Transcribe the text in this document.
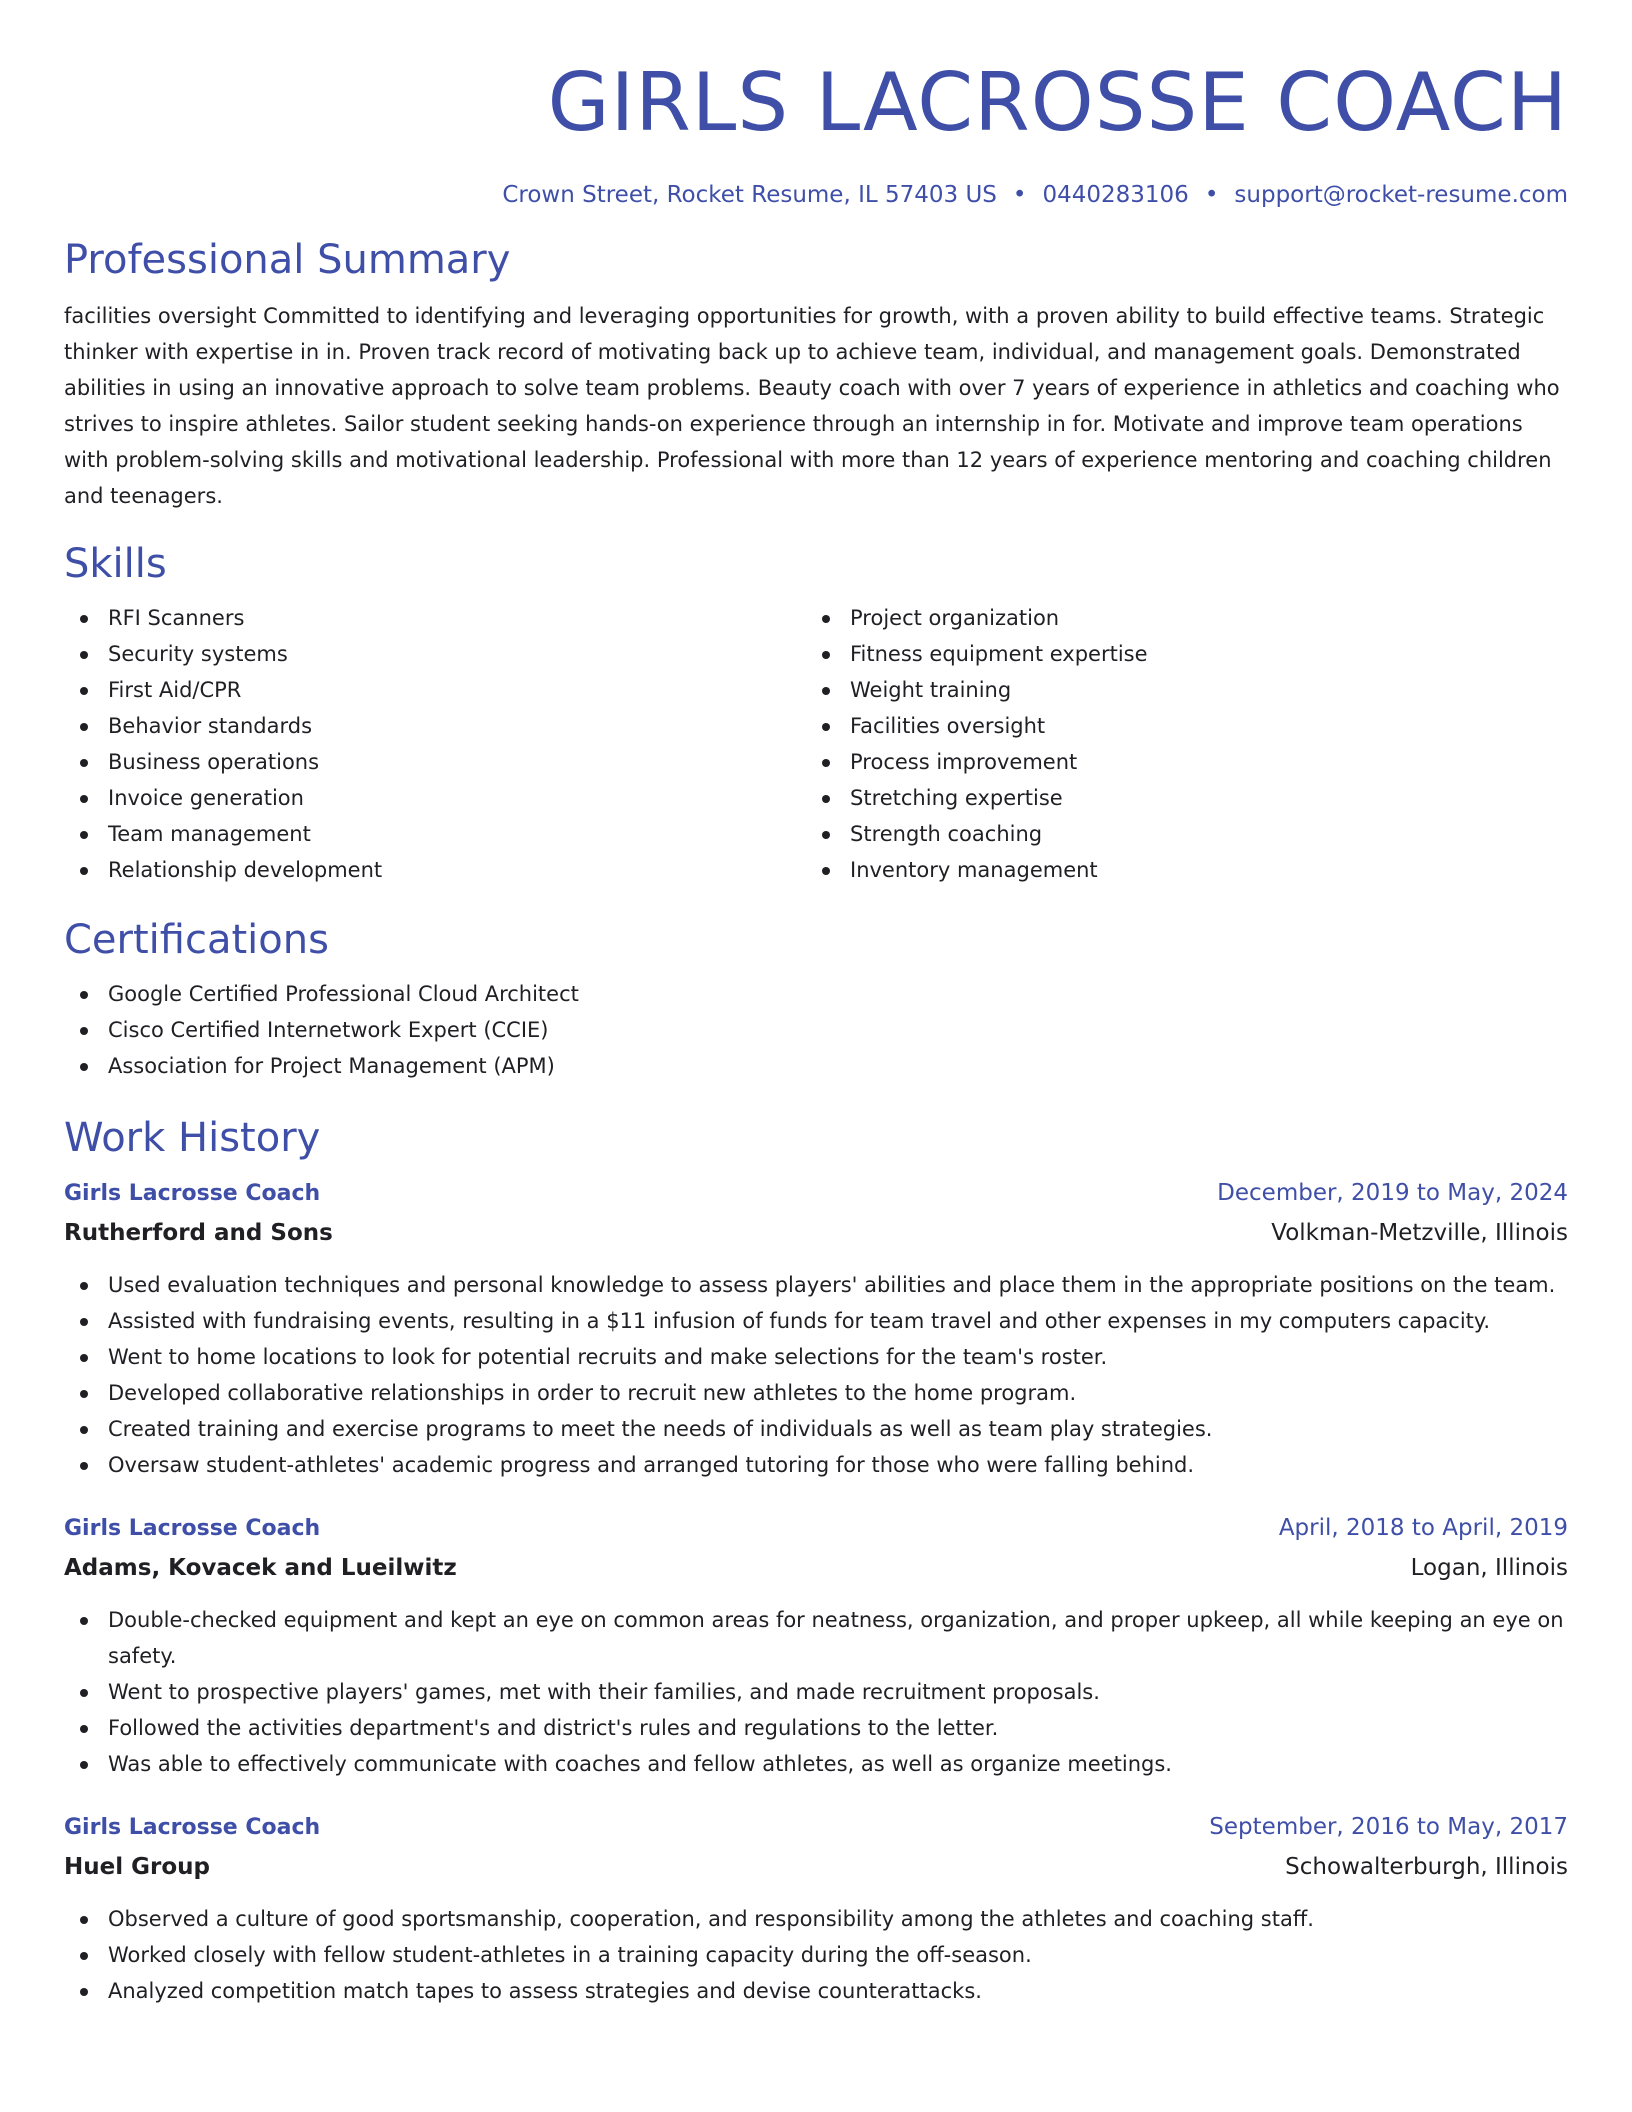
GIRLS LACROSSE COACH
Crown Street, Rocket Resume, IL 57403 US • 0440283106 • support@rocket-resume.com
Professional Summary

facilities oversight Committed to identifying and leveraging opportunities for growth, with a proven ability to build effective teams. Strategic thinker with expertise in in. Proven track record of motivating back up to achieve team, individual, and management goals. Demonstrated abilities in using an innovative approach to solve team problems. Beauty coach with over 7 years of experience in athletics and coaching who strives to inspire athletes. Sailor student seeking hands-on experience through an internship in for. Motivate and improve team operations with problem-solving skills and motivational leadership. Professional with more than 12 years of experience mentoring and coaching children and teenagers.

Skills
RFI Scanners
Security systems
First Aid/CPR
Behavior standards
Business operations
Invoice generation
Team management
Relationship development
Project organization
Fitness equipment expertise
Weight training
Facilities oversight
Process improvement
Stretching expertise
Strength coaching
Inventory management
Certifications
Google Certified Professional Cloud Architect
Cisco Certified Internetwork Expert (CCIE)
Association for Project Management (APM)
Work History
Girls Lacrosse Coach	December, 2019 to May, 2024
Rutherford and Sons	Volkman-Metzville, Illinois
Used evaluation techniques and personal knowledge to assess players' abilities and place them in the appropriate positions on the team.
Assisted with fundraising events, resulting in a $11 infusion of funds for team travel and other expenses in my computers capacity.
Went to home locations to look for potential recruits and make selections for the team's roster.
Developed collaborative relationships in order to recruit new athletes to the home program.
Created training and exercise programs to meet the needs of individuals as well as team play strategies.
Oversaw student-athletes' academic progress and arranged tutoring for those who were falling behind.
Girls Lacrosse Coach	April, 2018 to April, 2019
Adams, Kovacek and Lueilwitz	Logan, Illinois
Double-checked equipment and kept an eye on common areas for neatness, organization, and proper upkeep, all while keeping an eye on safety.
Went to prospective players' games, met with their families, and made recruitment proposals.
Followed the activities department's and district's rules and regulations to the letter.
Was able to effectively communicate with coaches and fellow athletes, as well as organize meetings.
Girls Lacrosse Coach	September, 2016 to May, 2017
Huel Group	Schowalterburgh, Illinois
Observed a culture of good sportsmanship, cooperation, and responsibility among the athletes and coaching staff.
Worked closely with fellow student-athletes in a training capacity during the off-season.
Analyzed competition match tapes to assess strategies and devise counterattacks.
